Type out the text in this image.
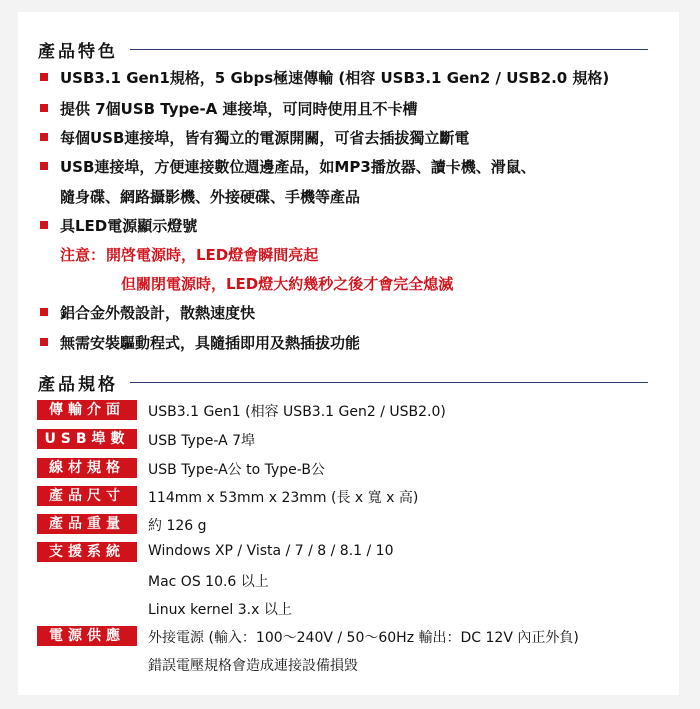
產品特色
USB3.1 Gen1規格，5 Gbps極速傳輸 (相容 USB3.1 Gen2 / USB2.0 規格)
提供 7個USB Type-A 連接埠，可同時使用且不卡槽
每個USB連接埠，皆有獨立的電源開關，可省去插拔獨立斷電
USB連接埠，方便連接數位週邊產品，如MP3播放器、讀卡機、滑鼠、
隨身碟、網路攝影機、外接硬碟、手機等產品
具LED電源顯示燈號
注意： 開啓電源時，LED燈會瞬間亮起
但關閉電源時，LED燈大約幾秒之後才會完全熄滅
鋁合金外殼設計，散熱速度快
無需安裝驅動程式，具隨插即用及熱插拔功能
產品規格
傳輸介面	USB3.1 Gen1 (相容 USB3.1 Gen2 / USB2.0)
USB埠數	USB Type-A 7埠
線材規格	USB Type-A公 to Type-B公
產品尺寸	114mm x 53mm x 23mm (長 x 寬 x 高)
產品重量	約 126 g
支援系統	Windows XP / Vista / 7 / 8 / 8.1 / 10
Mac OS 10.6 以上
Linux kernel 3.x 以上
電源供應	外接電源 (輸入：100～240V / 50～60Hz 輸出：DC 12V 內正外負)
錯誤電壓規格會造成連接設備損毀
